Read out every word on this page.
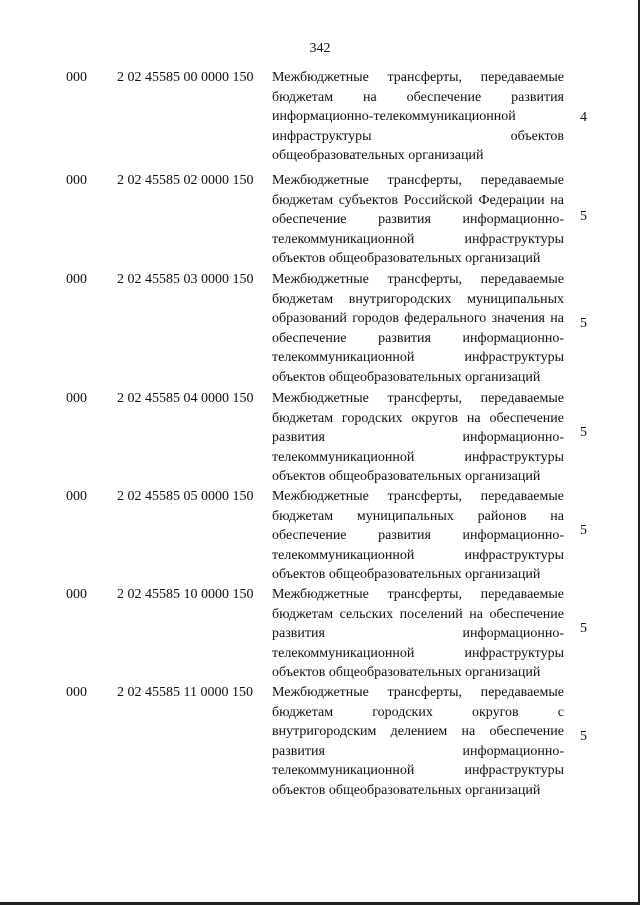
342
000 2 02 45585 00 0000 150 Межбюджетные трансферты, передаваемые бюджетам на обеспечение развития информационно-телекоммуникационной инфраструктуры объектов общеобразовательных организаций
4
000 2 02 45585 02 0000 150 Межбюджетные трансферты, передаваемые бюджетам субъектов Российской Федерации на обеспечение развития информационно-телекоммуникационной инфраструктуры объектов общеобразовательных организаций
5
000 2 02 45585 03 0000 150 Межбюджетные трансферты, передаваемые бюджетам внутригородских муниципальных образований городов федерального значения на обеспечение развития информационно-телекоммуникационной инфраструктуры объектов общеобразовательных организаций
5
000 2 02 45585 04 0000 150 Межбюджетные трансферты, передаваемые бюджетам городских округов на обеспечение развития информационно-телекоммуникационной инфраструктуры объектов общеобразовательных организаций
5
000 2 02 45585 05 0000 150 Межбюджетные трансферты, передаваемые бюджетам муниципальных районов на обеспечение развития информационно-телекоммуникационной инфраструктуры объектов общеобразовательных организаций
5
000 2 02 45585 10 0000 150 Межбюджетные трансферты, передаваемые бюджетам сельских поселений на обеспечение развития информационно-телекоммуникационной инфраструктуры объектов общеобразовательных организаций
5
000 2 02 45585 11 0000 150 Межбюджетные трансферты, передаваемые бюджетам городских округов с внутригородским делением на обеспечение развития информационно-телекоммуникационной инфраструктуры объектов общеобразовательных организаций
5
